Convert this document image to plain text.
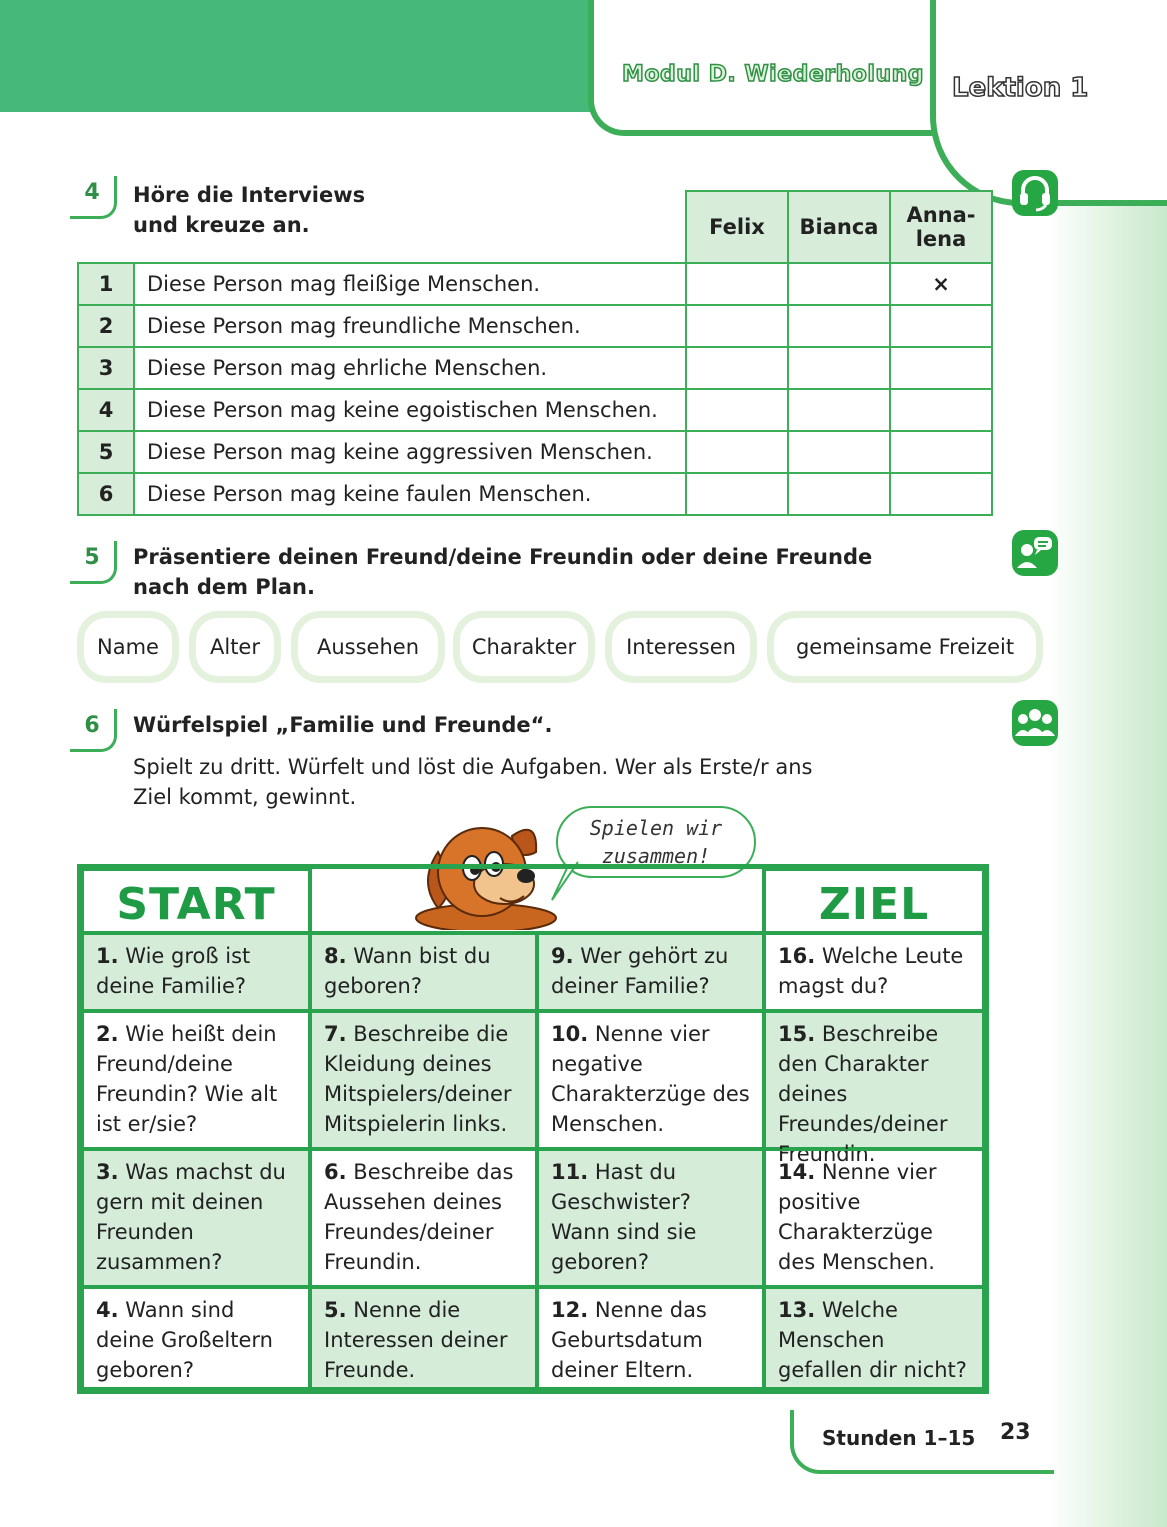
Modul D. Wiederholung Lektion 1
4	Höre die Interviews
und kreuze an.
			Felix	Bianca	Anna-
lena
1	Diese Person mag fleißige Menschen.			×
2	Diese Person mag freundliche Menschen.			
3	Diese Person mag ehrliche Menschen.			
4	Diese Person mag keine egoistischen Menschen.			
5	Diese Person mag keine aggressiven Menschen.			
6	Diese Person mag keine faulen Menschen.			
5	Präsentiere deinen Freund/deine Freundin oder deine Freunde
nach dem Plan.
Name	Alter	Aussehen	Charakter	Interessen	gemeinsame Freizeit
6	Würfelspiel „Familie und Freunde“.
Spielt zu dritt. Würfelt und löst die Aufgaben. Wer als Erste/r ans
Ziel kommt, gewinnt.
Spielen wir
zusammen!
START	ZIEL
1. Wie groß ist deine Familie?
8. Wann bist du geboren?
9. Wer gehört zu deiner Familie?
16. Welche Leute magst du?
2. Wie heißt dein Freund/deine Freundin? Wie alt ist er/sie?
7. Beschreibe die Kleidung deines Mitspielers/deiner Mitspielerin links.
10. Nenne vier negative Charakterzüge des Menschen.
15. Beschreibe den Charakter deines Freundes/deiner Freundin.
3. Was machst du gern mit deinen Freunden zusammen?
6. Beschreibe das Aussehen deines Freundes/deiner Freundin.
11. Hast du Geschwister? Wann sind sie geboren?
14. Nenne vier positive Charakterzüge des Menschen.
4. Wann sind deine Großeltern geboren?
5. Nenne die Interessen deiner Freunde.
12. Nenne das Geburtsdatum deiner Eltern.
13. Welche Menschen gefallen dir nicht?
Stunden 1–15 23
